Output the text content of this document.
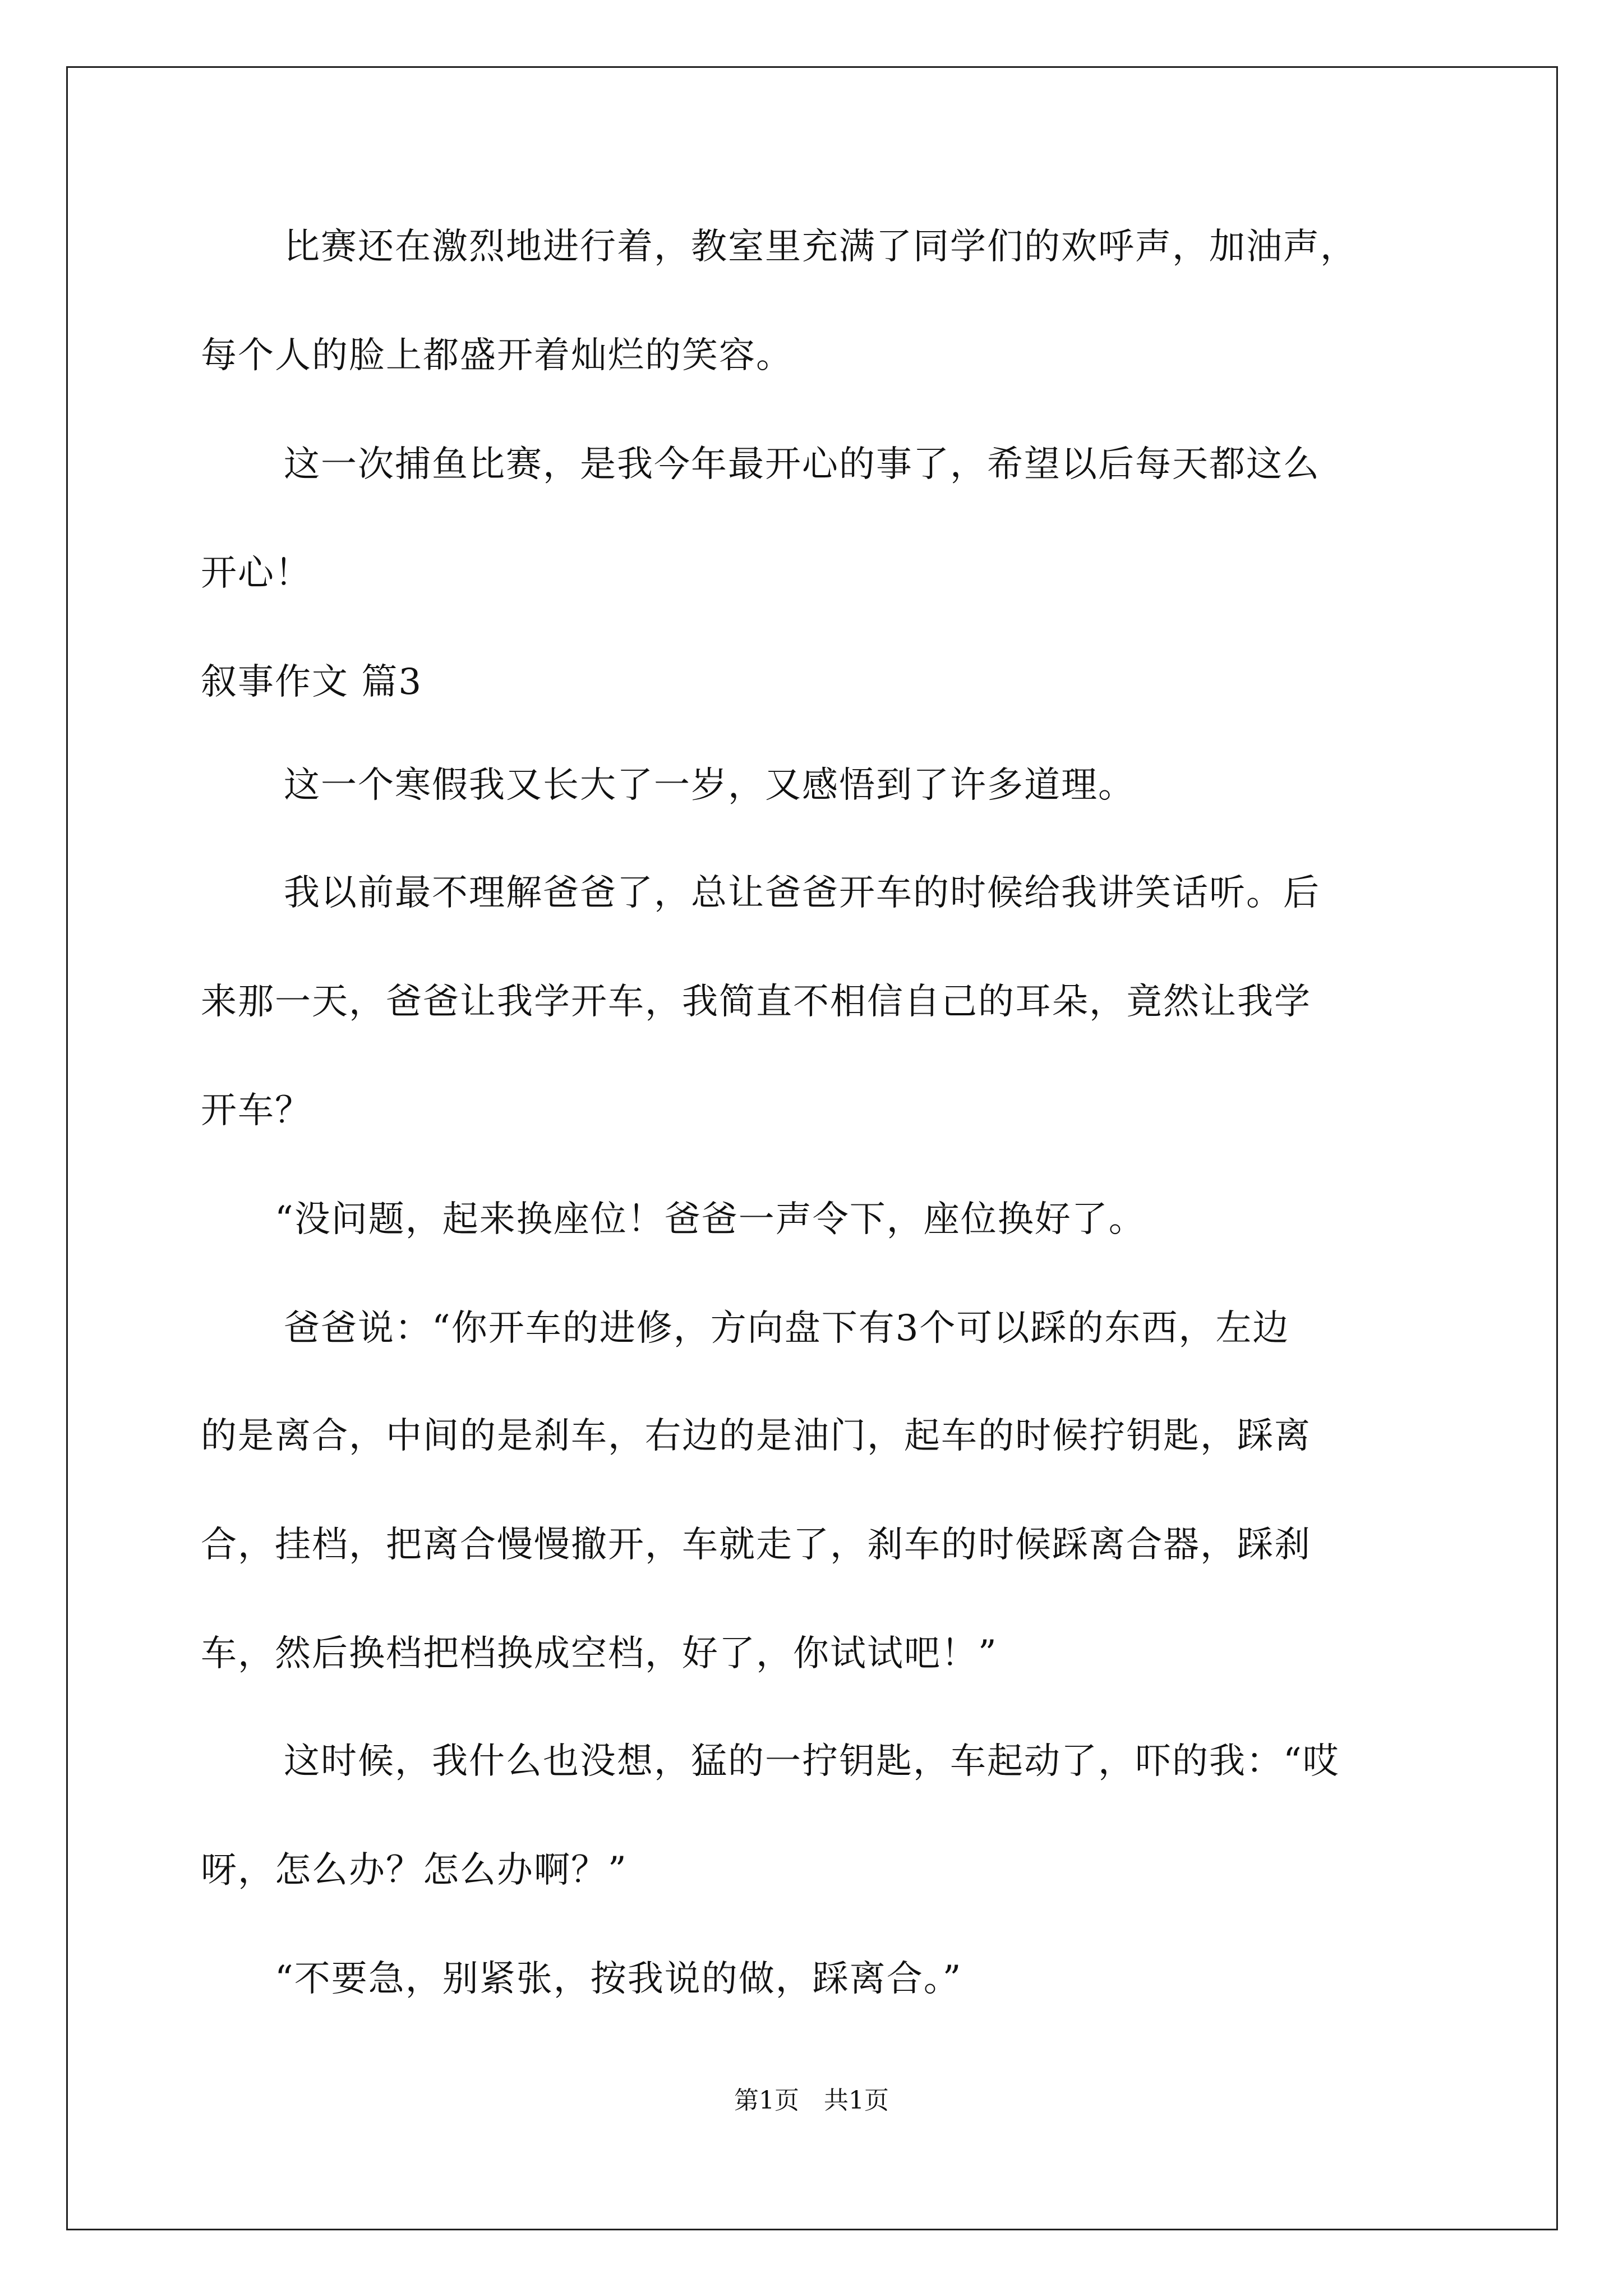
比赛还在激烈地进行着，教室里充满了同学们的欢呼声，加油声，
每个人的脸上都盛开着灿烂的笑容。
这一次捕鱼比赛，是我今年最开心的事了，希望以后每天都这么
开心！
叙事作文 篇3
这一个寒假我又长大了一岁，又感悟到了许多道理。
我以前最不理解爸爸了，总让爸爸开车的时候给我讲笑话听。后
来那一天，爸爸让我学开车，我简直不相信自己的耳朵，竟然让我学
开车？
“没问题，起来换座位！爸爸一声令下，座位换好了。
爸爸说：“你开车的进修，方向盘下有3个可以踩的东西，左边
的是离合，中间的是刹车，右边的是油门，起车的时候拧钥匙，踩离
合，挂档，把离合慢慢撤开，车就走了，刹车的时候踩离合器，踩刹
车，然后换档把档换成空档，好了，你试试吧！”
这时候，我什么也没想，猛的一拧钥匙，车起动了，吓的我：“哎
呀，怎么办？怎么办啊？”
“不要急，别紧张，按我说的做，踩离合。”
第1页　共1页
